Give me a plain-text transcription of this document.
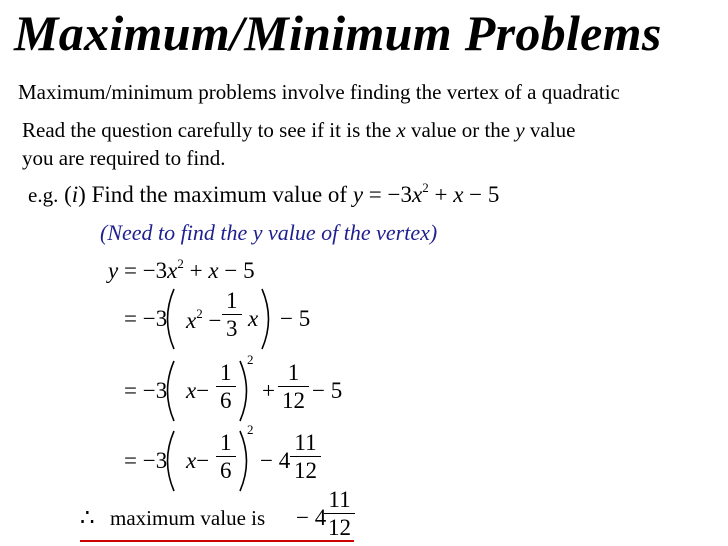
Maximum/Minimum Problems
Maximum/minimum problems involve finding the vertex of a quadratic
Read the question carefully to see if it is the x value or the y value
you are required to find.
e.g. (i) Find the maximum value of $y = -3x^2 + x - 5$
(Need to find the y value of the vertex)
$y = -3x^2 + x - 5$
= −3 $x^2$ −
1
3 x − 5
= −3 x−
1
6
2
+
1
12 − 5
= −3 x−
1
6
2
− 4
11
12
∴ maximum value is − 4
11
12
